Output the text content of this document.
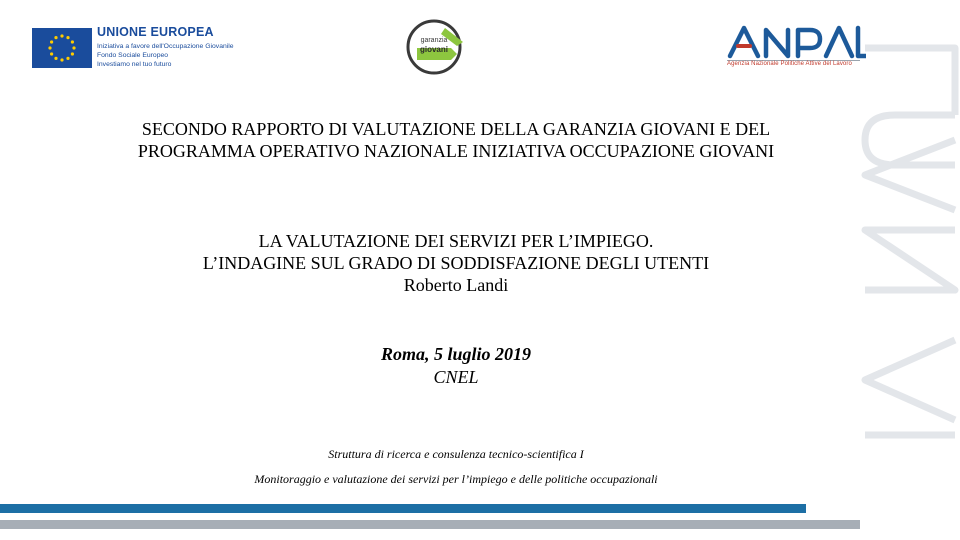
UNIONE EUROPEA
Iniziativa a favore dell'Occupazione Giovanile
Fondo Sociale Europeo
Investiamo nel tuo futuro
garanzia
giovani
Agenzia Nazionale Politiche Attive del Lavoro
SECONDO RAPPORTO DI VALUTAZIONE DELLA GARANZIA GIOVANI E DEL
PROGRAMMA OPERATIVO NAZIONALE INIZIATIVA OCCUPAZIONE GIOVANI
LA VALUTAZIONE DEI SERVIZI PER L’IMPIEGO.
L’INDAGINE SUL GRADO DI SODDISFAZIONE DEGLI UTENTI
Roberto Landi
Roma, 5 luglio 2019
CNEL
Struttura di ricerca e consulenza tecnico-scientifica I
Monitoraggio e valutazione dei servizi per l’impiego e delle politiche occupazionali
